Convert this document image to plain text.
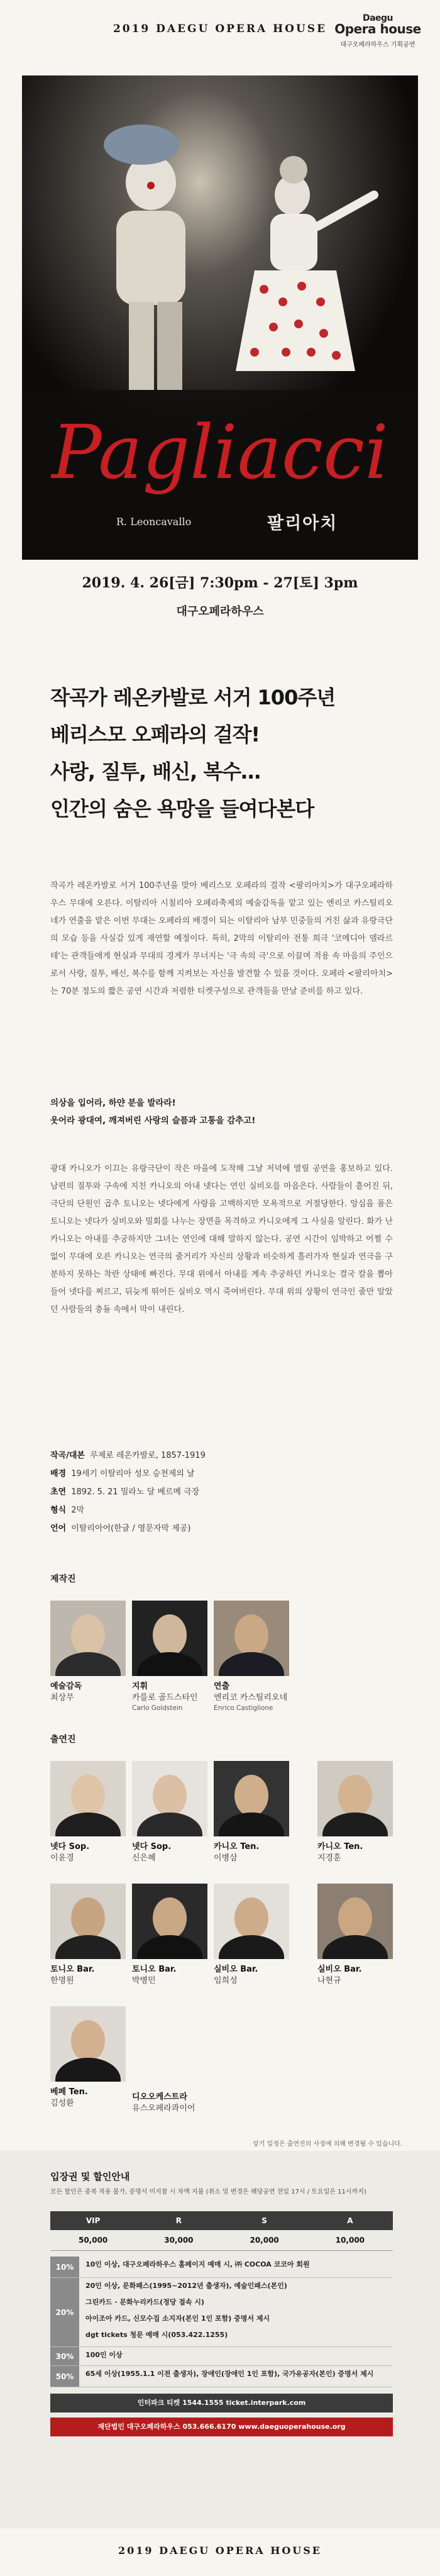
2019 DAEGU OPERA HOUSE
Daegu
Opera house
대구오페라하우스 기획공연
Pagliacci
R. Leoncavallo	팔리아치
2019. 4. 26[금] 7:30pm - 27[토] 3pm
대구오페라하우스
작곡가 레온카발로 서거 100주년
베리스모 오페라의 걸작!
사랑, 질투, 배신, 복수…
인간의 숨은 욕망을 들여다본다
작곡가 레온카발로 서거 100주년을 맞아 베리스모 오페라의 걸작 <팔리아치>가 대구오페라하우스 무대에 오른다. 이탈리아 시칠리아 오페라축제의 예술감독을 맡고 있는 엔리코 카스틸리오네가 연출을 맡은 이번 무대는 오페라의 배경이 되는 이탈리아 남부 민중들의 거친 삶과 유랑극단의 모습 등을 사실감 있게 재연할 예정이다. 특히, 2막의 이탈리아 전통 희극 '코메디아 델라르테'는 관객들에게 현실과 무대의 경계가 무너지는 '극 속의 극'으로 이끌며 적용 속 마음의 주인으로서 사랑, 질투, 배신, 복수를 함께 지켜보는 자신을 발견할 수 있을 것이다. 오페라 <팔리아치>는 70분 정도의 짧은 공연 시간과 저렴한 티켓구성으로 관객들을 만날 준비를 하고 있다.
의상을 입어라, 하얀 분을 발라라!
웃어라 광대여, 깨져버린 사랑의 슬픔과 고통을 감추고!
광대 카니오가 이끄는 유랑극단이 작은 마을에 도착해 그날 저녁에 열릴 공연을 홍보하고 있다. 남편의 질투와 구속에 지친 카니오의 아내 넷다는 연인 실비오를 마음은다. 사람들이 흩어진 뒤, 극단의 단원인 곱추 토니오는 넷다에게 사랑을 고백하지만 모욕적으로 거절당한다. 앙심을 품은 토니오는 넷다가 실비오와 밀회를 나누는 장면을 목격하고 카니오에게 그 사실을 알린다. 화가 난 카니오는 아내를 추궁하지만 그녀는 연인에 대해 말하지 않는다. 공연 시간이 임박하고 어쩔 수 없이 무대에 오른 카니오는 연극의 줄거리가 자신의 상황과 비슷하게 흘러가자 현실과 연극을 구분하지 못하는 착란 상태에 빠진다. 무대 위에서 아내를 계속 추궁하던 카니오는 결국 칼을 뽑아들어 넷다를 찌르고, 뒤늦게 뛰어든 실비오 역시 죽여버린다. 무대 위의 상황이 연극인 줄만 알았던 사람들의 충돌 속에서 막이 내린다.
작곡/대본 루제로 레온카발로, 1857-1919
배경 19세기 이탈리아 성모 승천제의 날
초연 1892. 5. 21 밀라노 달 베르메 극장
형식 2막
언어 이탈리아어(한글 / 영문자막 제공)
제작진
예술감독
최상무
지휘
카를로 골드스타인
Carlo Goldstein
연출
엔리코 카스틸리오네
Enrico Castiglione
출연진
넷다 Sop.
이윤경
넷다 Sop.
신은혜
카니오 Ten.
이병삼
카니오 Ten.
지경훈
토니오 Bar.
한명원
토니오 Bar.
박병민
실비오 Bar.
임희성
실비오 Bar.
나현규
베페 Ten.
김성환
디오오케스트라
유스오페라콰이어
상기 일정은 출연진의 사정에 의해 변경될 수 있습니다.
입장권 및 할인안내
모든 할인은 중복 적용 불가, 증명서 미지참 시 차액 지불 (취소 및 변경은 해당공연 전일 17시 / 토요일은 11시까지)
VIP	R	S	A
50,000	30,000	20,000	10,000
10%	10인 이상, 대구오페라하우스 홈페이지 예매 시, ㈜ COCOA 코코아 회원
20%
20인 이상, 문화패스(1995~2012년 출생자), 예술인패스(본인)
그린카드 · 문화누리카드(정당 접속 시)
아이조아 카드, 신모수집 소지자(본인 1인 포함) 증명서 제시
dgt tickets 청문 예매 시(053.422.1255)
30%	100인 이상
50%	65세 이상(1955.1.1 이전 출생자), 장애인(장애인 1인 포함), 국가유공자(본인) 증명서 제시
인터파크 티켓 1544.1555 ticket.interpark.com
재단법인 대구오페라하우스 053.666.6170 www.daeguoperahouse.org
2019 DAEGU OPERA HOUSE
